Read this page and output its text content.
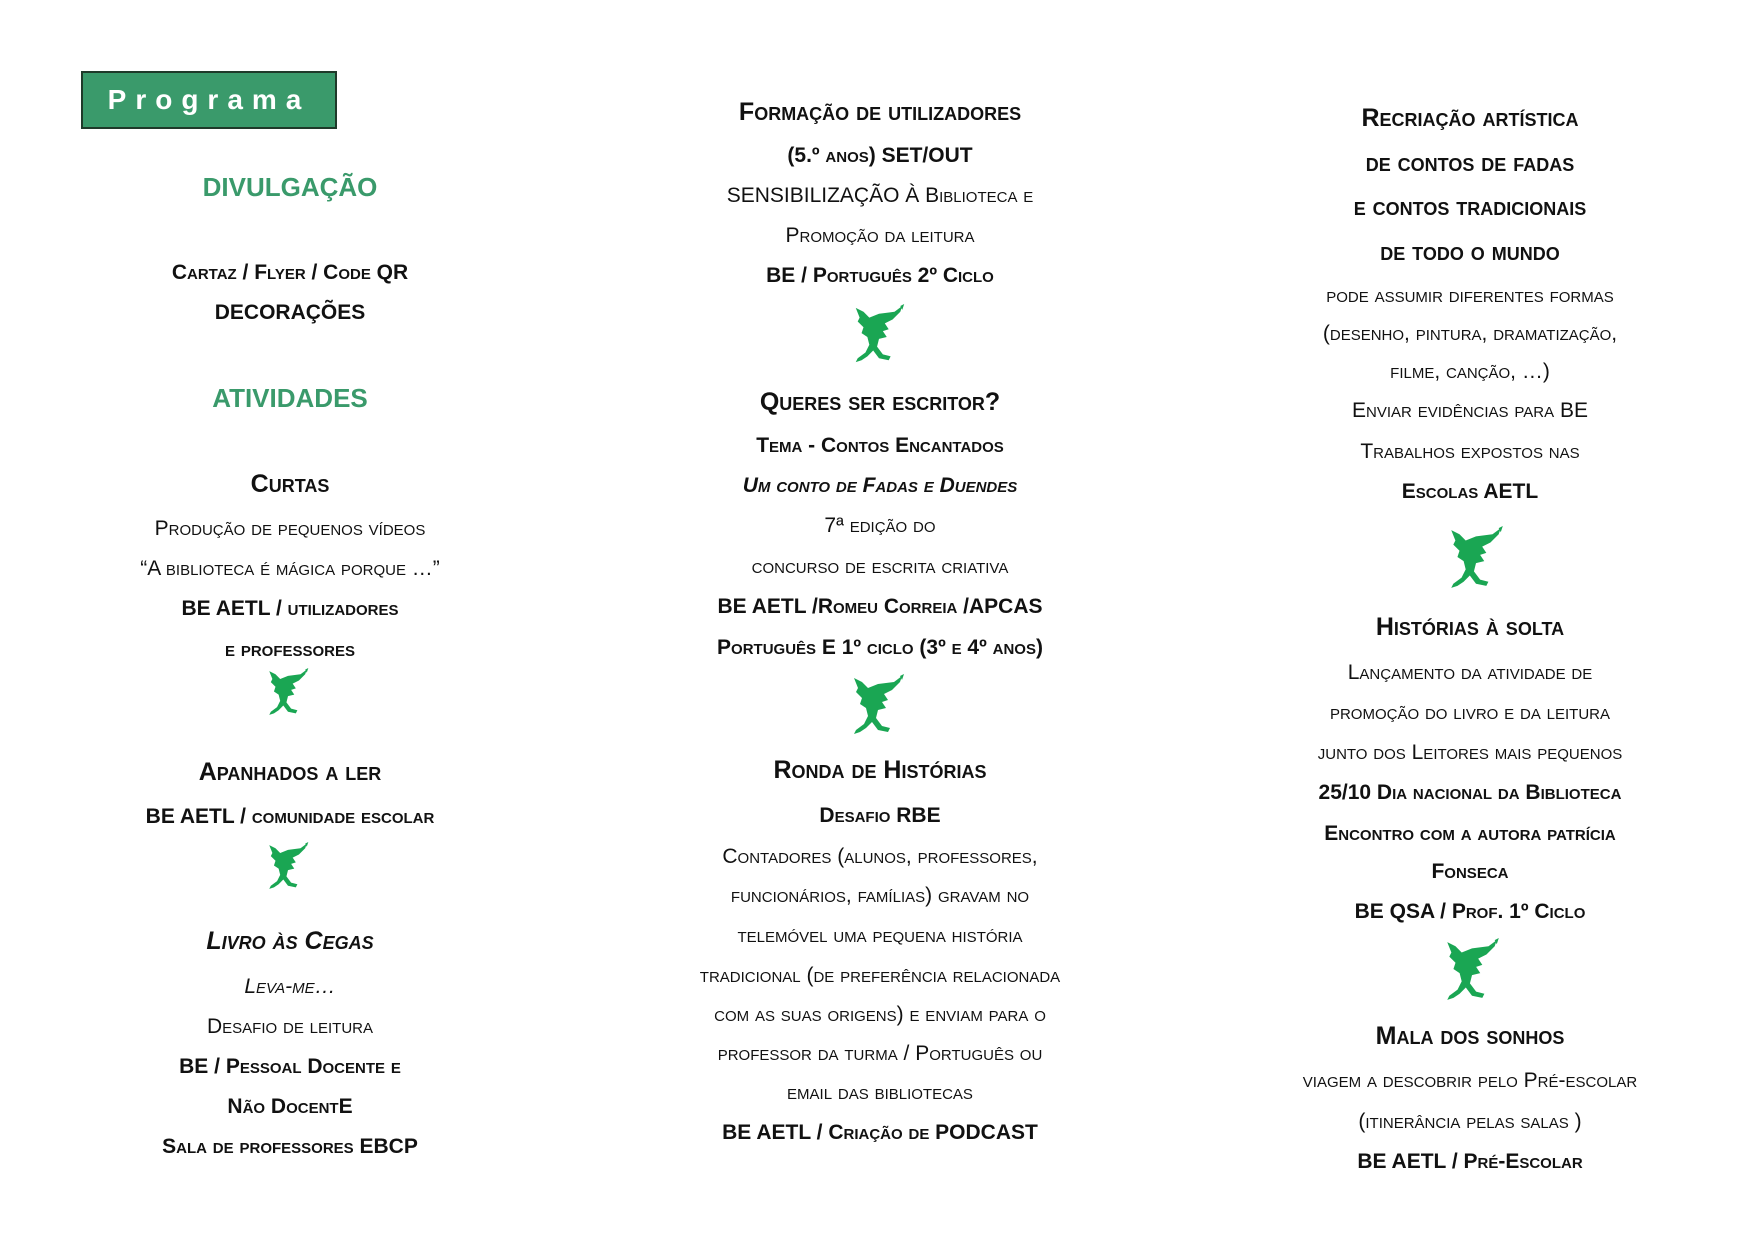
Programa
DIVULGAÇÃO
Cartaz / Flyer / Code QR
DECORAÇÕES
ATIVIDADES
Curtas
Produção de pequenos vídeos
“A biblioteca é mágica porque …”
BE AETL / utilizadores
e professores
Apanhados a ler
BE AETL / comunidade escolar
Livro às Cegas
Leva-me…
Desafio de leitura
BE / Pessoal Docente e
Não DocentE
Sala de professores EBCP
Formação de utilizadores
(5.º anos) SET/OUT
SENSIBILIZAÇÃO À Biblioteca e
Promoção da leitura
BE / Português 2º Ciclo
Queres ser escritor?
Tema - Contos Encantados
Um conto de Fadas e Duendes
7ª edição do
concurso de escrita criativa
BE AETL /Romeu Correia /APCAS
Português E 1º ciclo (3º e 4º anos)
Ronda de Histórias
Desafio RBE
Contadores (alunos, professores,
funcionários, famílias) gravam no
telemóvel uma pequena história
tradicional (de preferência relacionada
com as suas origens) e enviam para o
professor da turma / Português ou
email das bibliotecas
BE AETL / Criação de PODCAST
Recriação artística
de contos de fadas
e contos tradicionais
de todo o mundo
pode assumir diferentes formas
(desenho, pintura, dramatização,
filme, canção, …)
Enviar evidências para BE
Trabalhos expostos nas
Escolas AETL
Histórias à solta
Lançamento da atividade de
promoção do livro e da leitura
junto dos Leitores mais pequenos
25/10 Dia nacional da Biblioteca
Encontro com a autora patrícia
Fonseca
BE QSA / Prof. 1º Ciclo
Mala dos sonhos
viagem a descobrir pelo Pré-escolar
(itinerância pelas salas )
BE AETL / Pré-Escolar
